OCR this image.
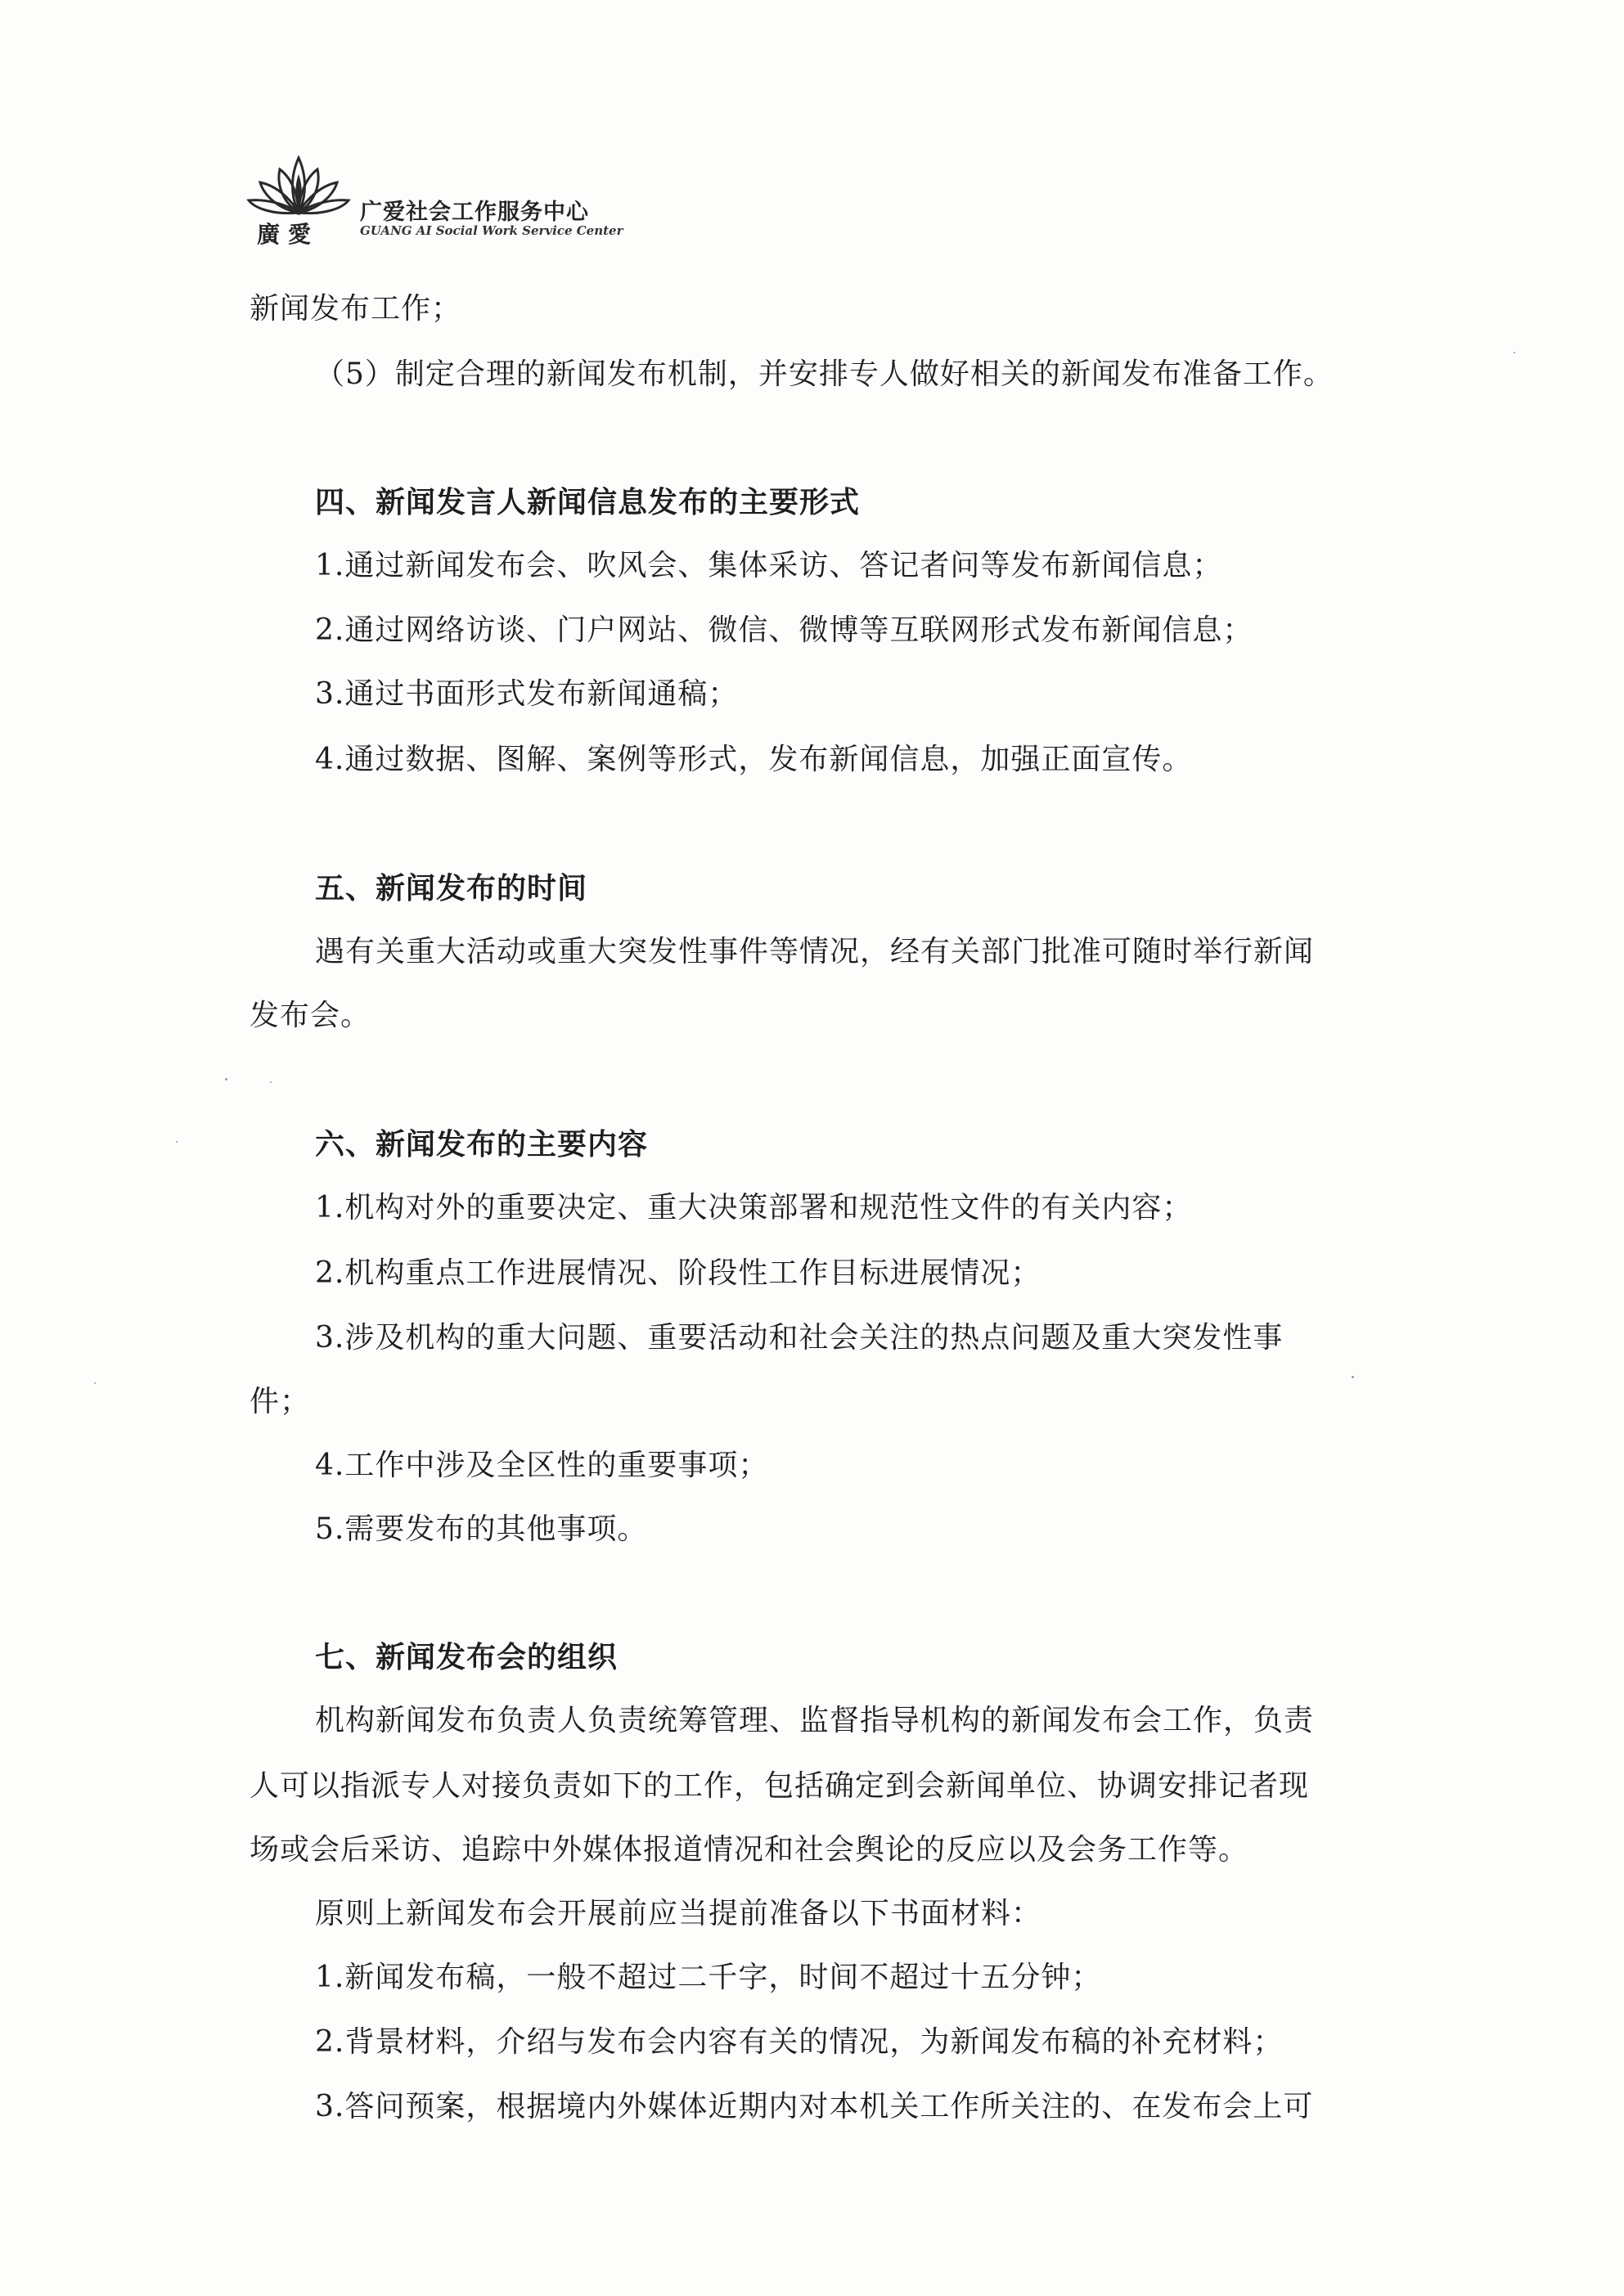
廣愛
广爱社会工作服务中心
GUANG AI Social Work Service Center
新闻发布工作；
（5）制定合理的新闻发布机制，并安排专人做好相关的新闻发布准备工作。
四、新闻发言人新闻信息发布的主要形式
1.通过新闻发布会、吹风会、集体采访、答记者问等发布新闻信息；
2.通过网络访谈、门户网站、微信、微博等互联网形式发布新闻信息；
3.通过书面形式发布新闻通稿；
4.通过数据、图解、案例等形式，发布新闻信息，加强正面宣传。
五、新闻发布的时间
遇有关重大活动或重大突发性事件等情况，经有关部门批准可随时举行新闻
发布会。
六、新闻发布的主要内容
1.机构对外的重要决定、重大决策部署和规范性文件的有关内容；
2.机构重点工作进展情况、阶段性工作目标进展情况；
3.涉及机构的重大问题、重要活动和社会关注的热点问题及重大突发性事
件；
4.工作中涉及全区性的重要事项；
5.需要发布的其他事项。
七、新闻发布会的组织
机构新闻发布负责人负责统筹管理、监督指导机构的新闻发布会工作，负责
人可以指派专人对接负责如下的工作，包括确定到会新闻单位、协调安排记者现
场或会后采访、追踪中外媒体报道情况和社会舆论的反应以及会务工作等。
原则上新闻发布会开展前应当提前准备以下书面材料：
1.新闻发布稿，一般不超过二千字，时间不超过十五分钟；
2.背景材料，介绍与发布会内容有关的情况，为新闻发布稿的补充材料；
3.答问预案，根据境内外媒体近期内对本机关工作所关注的、在发布会上可
